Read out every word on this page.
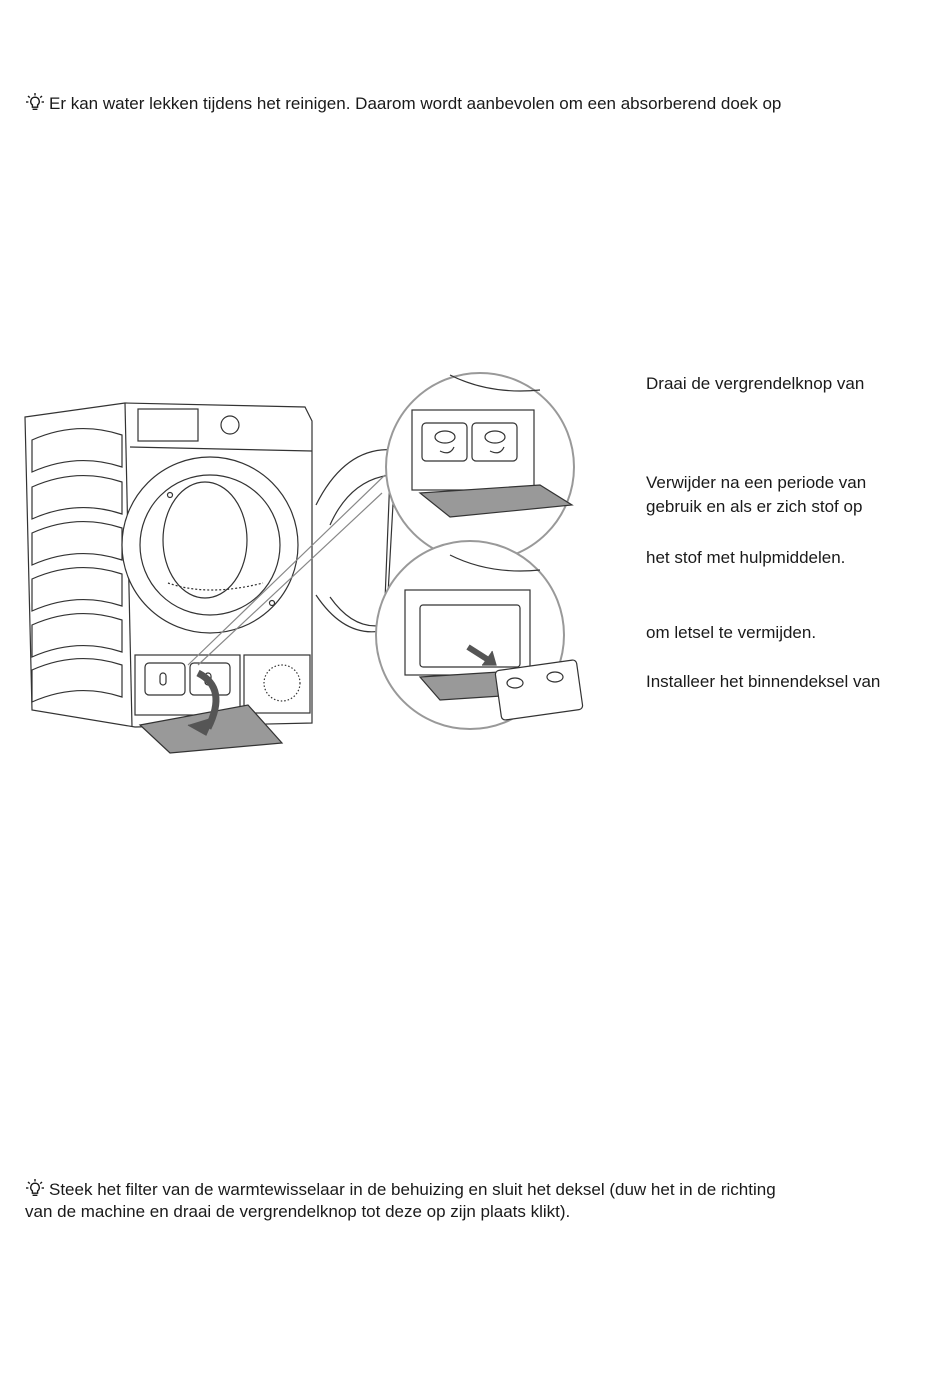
Er kan water lekken tijdens het reinigen. Daarom wordt aanbevolen om een absorberend doek op
Draai de vergrendelknop van
Verwijder na een periode van
gebruik en als er zich stof op
het stof met hulpmiddelen.
om letsel te vermijden.
Installeer het binnendeksel van
Steek het filter van de warmtewisselaar in de behuizing en sluit het deksel (duw het in de richting
van de machine en draai de vergrendelknop tot deze op zijn plaats klikt).
